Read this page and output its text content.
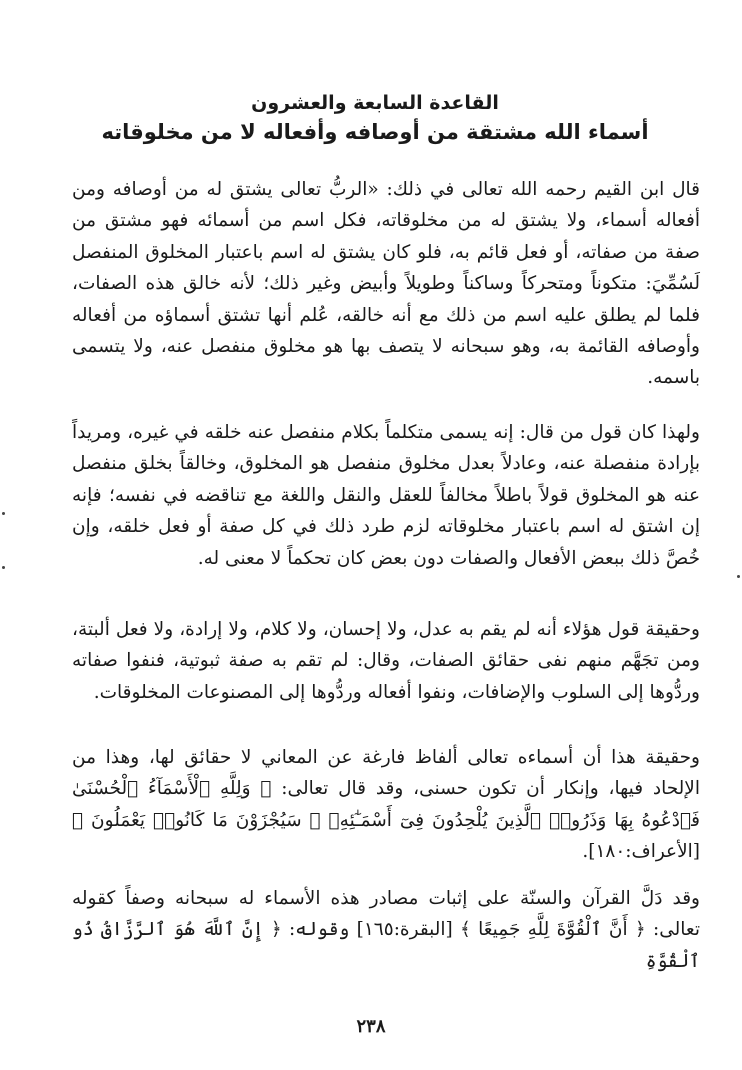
القاعدة السابعة والعشرون
أسماء الله مشتقة من أوصافه وأفعاله لا من مخلوقاته

قال ابن القيم رحمه الله تعالى في ذلك: «الربُّ تعالى يشتق له من أوصافه ومن أفعاله أسماء، ولا يشتق له من مخلوقاته، فكل اسم من أسمائه فهو مشتق من صفة من صفاته، أو فعل قائم به، فلو كان يشتق له اسم باعتبار المخلوق المنفصل لَسُمِّيَ: متكوناً ومتحركاً وساكناً وطويلاً وأبيض وغير ذلك؛ لأنه خالق هذه الصفات، فلما لم يطلق عليه اسم من ذلك مع أنه خالقه، عُلم أنها تشتق أسماؤه من أفعاله وأوصافه القائمة به، وهو سبحانه لا يتصف بها هو مخلوق منفصل عنه، ولا يتسمى باسمه.

ولهذا كان قول من قال: إنه يسمى متكلماً بكلام منفصل عنه خلقه في غيره، ومريداً بإرادة منفصلة عنه، وعادلاً بعدل مخلوق منفصل هو المخلوق، وخالقاً بخلق منفصل عنه هو المخلوق قولاً باطلاً مخالفاً للعقل والنقل واللغة مع تناقضه في نفسه؛ فإنه إن اشتق له اسم باعتبار مخلوقاته لزم طرد ذلك في كل صفة أو فعل خلقه، وإن خُصَّ ذلك ببعض الأفعال والصفات دون بعض كان تحكماً لا معنى له.

وحقيقة قول هؤلاء أنه لم يقم به عدل، ولا إحسان، ولا كلام، ولا إرادة، ولا فعل ألبتة، ومن تجَهَّم منهم نفى حقائق الصفات، وقال: لم تقم به صفة ثبوتية، فنفوا صفاته وردُّوها إلى السلوب والإضافات، ونفوا أفعاله وردُّوها إلى المصنوعات المخلوقات.

وحقيقة هذا أن أسماءه تعالى ألفاظ فارغة عن المعاني لا حقائق لها، وهذا من الإلحاد فيها، وإنكار أن تكون حسنى، وقد قال تعالى: ﴿ وَلِلَّهِ ٱلْأَسْمَآءُ ٱلْحُسْنَىٰ فَٱدْعُوهُ بِهَا وَذَرُوا۟ ٱلَّذِينَ يُلْحِدُونَ فِىٓ أَسْمَـٰٓئِهِۦ ۚ سَيُجْزَوْنَ مَا كَانُوا۟ يَعْمَلُونَ ﴾ [الأعراف:١٨٠].

وقد دَلَّ القرآن والسنّة على إثبات مصادر هذه الأسماء له سبحانه وصفاً كقوله تعالى: ﴿ أَنَّ ٱلْقُوَّةَ لِلَّهِ جَمِيعًا ﴾ [البقرة:١٦٥] وقوله: ﴿ إِنَّ ٱللَّهَ هُوَ ٱلرَّزَّاقُ ذُو ٱلْقُوَّةِ

٢٣٨
